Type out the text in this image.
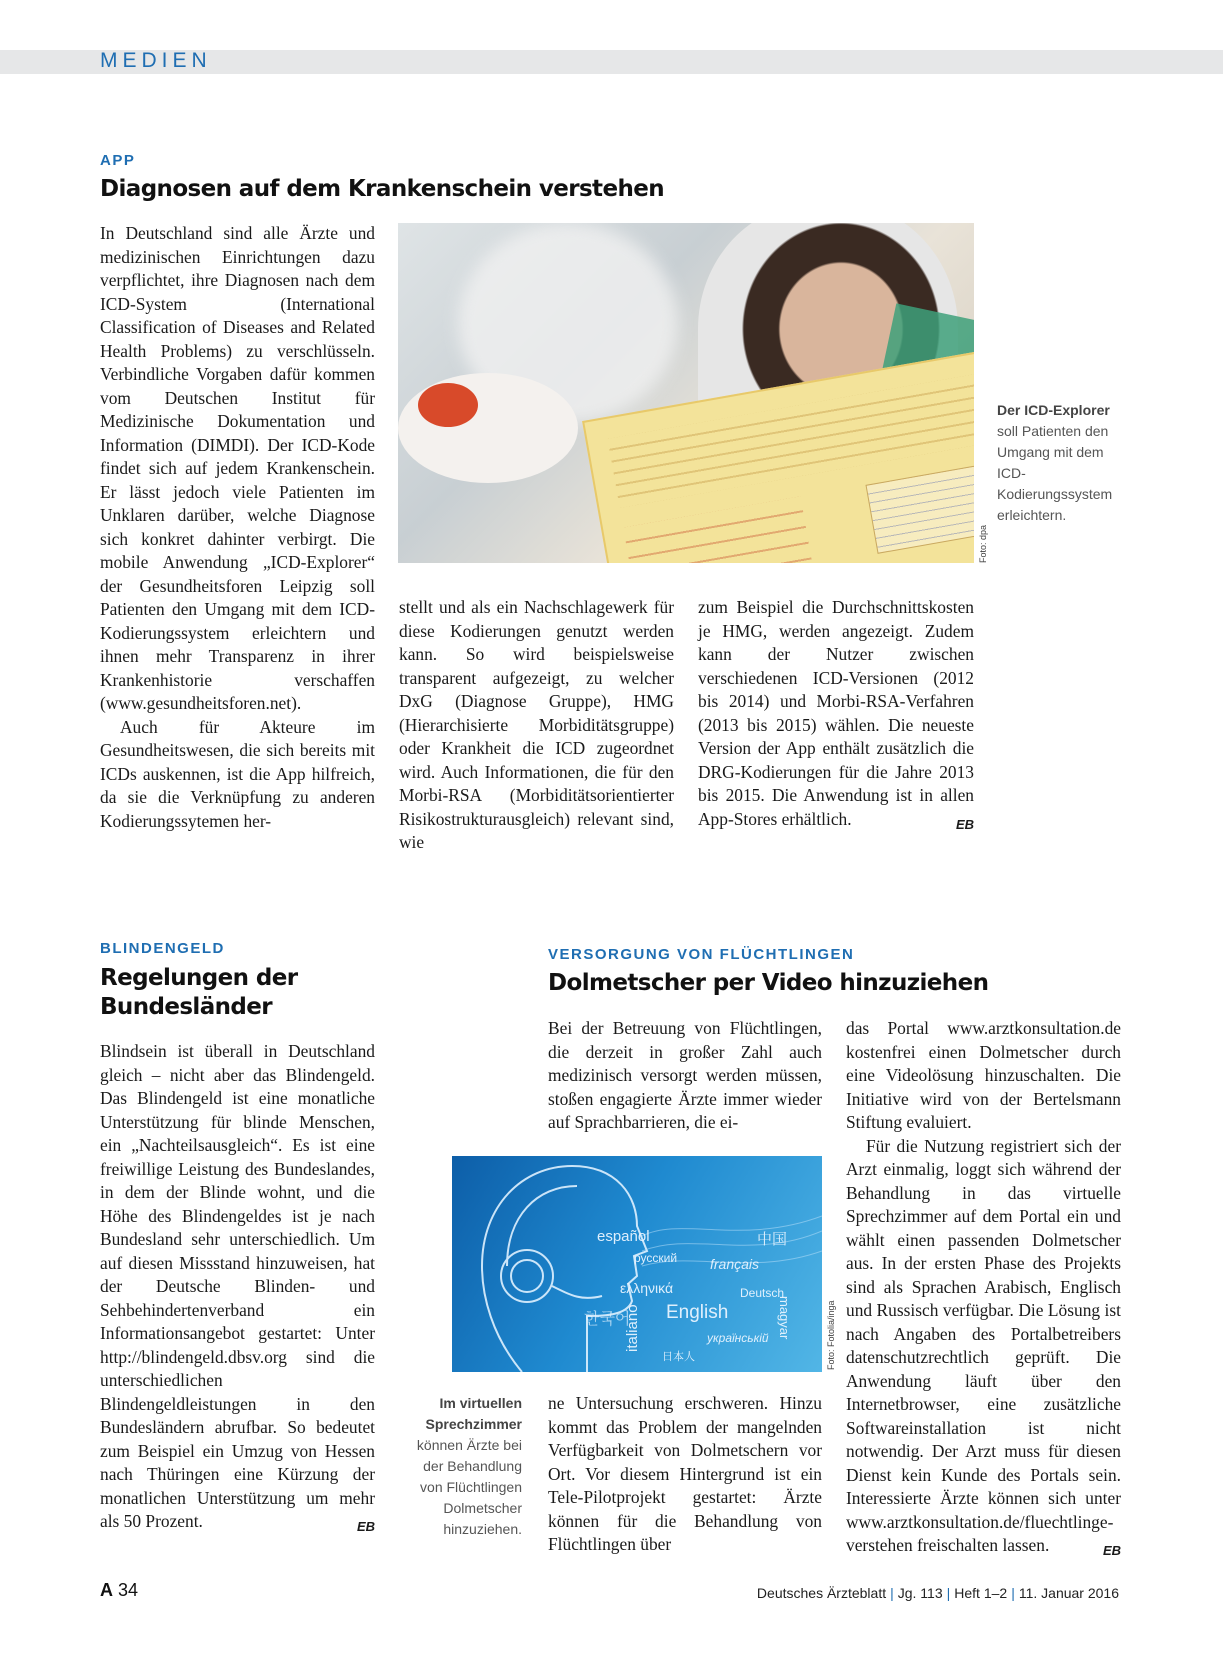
MEDIEN
APP
Diagnosen auf dem Krankenschein verstehen

In Deutschland sind alle Ärzte und medizinischen Einrichtungen dazu verpflichtet, ihre Diagnosen nach dem ICD-System (International Classification of Diseases and Related Health Problems) zu verschlüsseln. Verbindliche Vorgaben dafür kommen vom Deutschen Institut für Medizinische Dokumentation und Information (DIMDI). Der ICD-Kode findet sich auf jedem Krankenschein. Er lässt jedoch viele Patienten im Unklaren darüber, welche Diagnose sich konkret dahinter verbirgt. Die mobile Anwendung „ICD-Explorer“ der Gesundheitsforen Leipzig soll Patienten den Umgang mit dem ICD-Kodierungssystem erleichtern und ihnen mehr Transparenz in ihrer Krankenhistorie verschaffen (www.gesundheitsforen.net).

Auch für Akteure im Gesundheitswesen, die sich bereits mit ICDs auskennen, ist die App hilfreich, da sie die Verknüpfung zu anderen Kodierungssytemen her-

Foto: dpa
Der ICD-Explorer
soll Patienten den Umgang mit dem ICD-Kodierungssystem erleichtern.

stellt und als ein Nachschlagewerk für diese Kodierungen genutzt werden kann. So wird beispielsweise transparent aufgezeigt, zu welcher DxG (Diagnose Gruppe), HMG (Hierarchisierte Morbiditätsgruppe) oder Krankheit die ICD zugeordnet wird. Auch Informationen, die für den Morbi-RSA (Morbiditätsorientierter Risikostrukturausgleich) relevant sind, wie

zum Beispiel die Durchschnittskosten je HMG, werden angezeigt. Zudem kann der Nutzer zwischen verschiedenen ICD-Versionen (2012 bis 2014) und Morbi-RSA-Verfahren (2013 bis 2015) wählen. Die neueste Version der App enthält zusätzlich die DRG-Kodierungen für die Jahre 2013 bis 2015. Die Anwendung ist in allen App-Stores erhältlich.	EB

BLINDENGELD
Regelungen der
Bundesländer

Blindsein ist überall in Deutschland gleich – nicht aber das Blindengeld. Das Blindengeld ist eine monatliche Unterstützung für blinde Menschen, ein „Nachteilsausgleich“. Es ist eine freiwillige Leistung des Bundeslandes, in dem der Blinde wohnt, und die Höhe des Blindengeldes ist je nach Bundesland sehr unterschiedlich. Um auf diesen Missstand hinzuweisen, hat der Deutsche Blinden- und Sehbehindertenverband ein Informationsangebot gestartet: Unter http://blindengeld.dbsv.org sind die unterschiedlichen Blindengeldleistungen in den Bundesländern abrufbar. So bedeutet zum Beispiel ein Umzug von Hessen nach Thüringen eine Kürzung der monatlichen Unterstützung um mehr als 50 Prozent.	EB

VERSORGUNG VON FLÜCHTLINGEN
Dolmetscher per Video hinzuziehen

Bei der Betreuung von Flüchtlingen, die derzeit in großer Zahl auch medizinisch versorgt werden müssen, stoßen engagierte Ärzte immer wieder auf Sprachbarrieren, die ei-

español	中国
русский français
ελληνικά	Deutsch
한국어 English
italiano	magyar
українській
日本人	Foto: Fotolia/inga
Im virtuellen Sprechzimmer
können Ärzte bei der Behandlung von Flüchtlingen Dolmetscher hinzuziehen.

ne Untersuchung erschweren. Hinzu kommt das Problem der mangelnden Verfügbarkeit von Dolmetschern vor Ort. Vor diesem Hintergrund ist ein Tele-Pilotprojekt gestartet: Ärzte können für die Behandlung von Flüchtlingen über

das Portal www.arztkonsultation.de kostenfrei einen Dolmetscher durch eine Videolösung hinzuschalten. Die Initiative wird von der Bertelsmann Stiftung evaluiert.

Für die Nutzung registriert sich der Arzt einmalig, loggt sich während der Behandlung in das virtuelle Sprechzimmer auf dem Portal ein und wählt einen passenden Dolmetscher aus. In der ersten Phase des Projekts sind als Sprachen Arabisch, Englisch und Russisch verfügbar. Die Lösung ist nach Angaben des Portalbetreibers datenschutzrechtlich geprüft. Die Anwendung läuft über den Internetbrowser, eine zusätzliche Softwareinstallation ist nicht notwendig. Der Arzt muss für diesen Dienst kein Kunde des Portals sein. Interessierte Ärzte können sich unter www.arztkonsultation.de/fluechtlinge-verstehen freischalten lassen.	EB

A 34	Deutsches Ärzteblatt | Jg. 113 | Heft 1–2 | 11. Januar 2016
